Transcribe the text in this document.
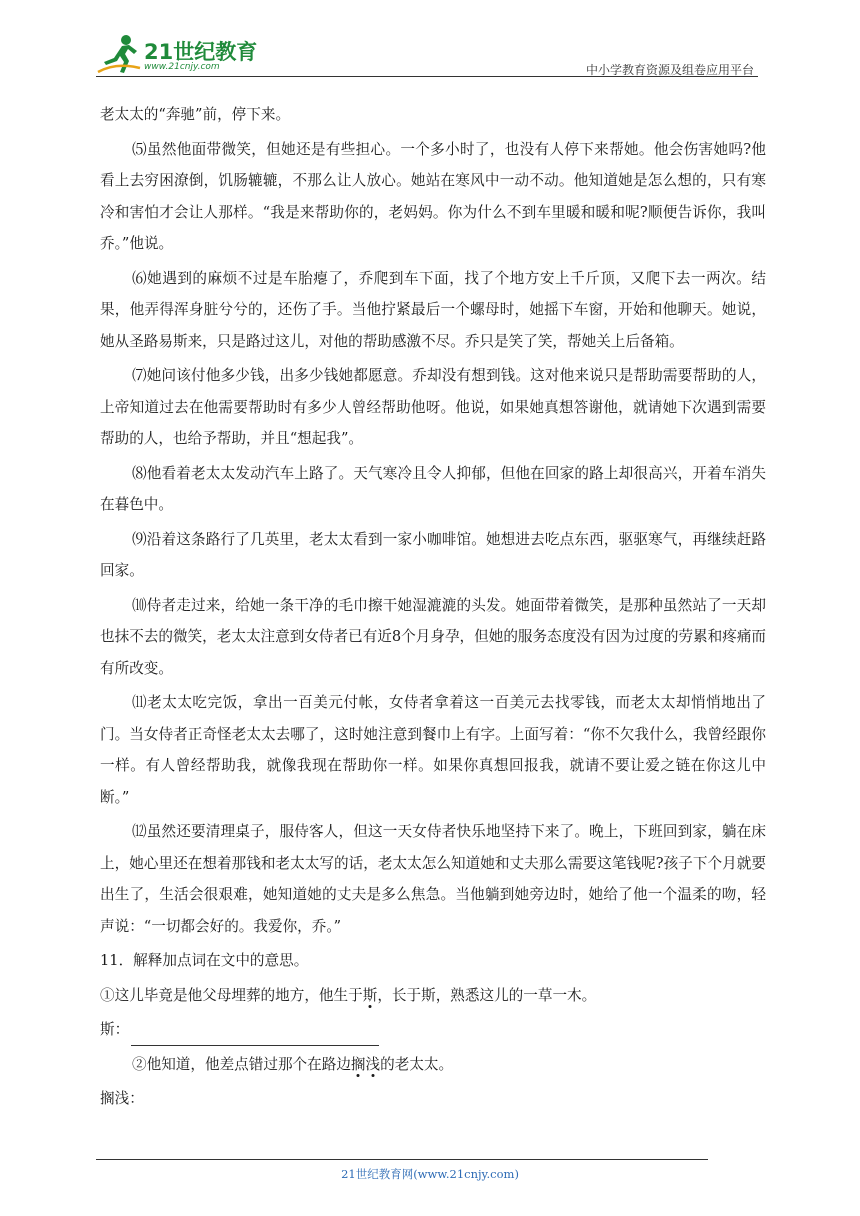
21世纪教育
www.21cnjy.com	中小学教育资源及组卷应用平台

老太太的“奔驰”前，停下来。

⑸虽然他面带微笑，但她还是有些担心。一个多小时了，也没有人停下来帮她。他会伤害她吗?他看上去穷困潦倒，饥肠辘辘，不那么让人放心。她站在寒风中一动不动。他知道她是怎么想的，只有寒冷和害怕才会让人那样。“我是来帮助你的，老妈妈。你为什么不到车里暖和暖和呢?顺便告诉你，我叫乔。”他说。

⑹她遇到的麻烦不过是车胎瘪了，乔爬到车下面，找了个地方安上千斤顶，又爬下去一两次。结果，他弄得浑身脏兮兮的，还伤了手。当他拧紧最后一个螺母时，她摇下车窗，开始和他聊天。她说，她从圣路易斯来，只是路过这儿，对他的帮助感激不尽。乔只是笑了笑，帮她关上后备箱。

⑺她问该付他多少钱，出多少钱她都愿意。乔却没有想到钱。这对他来说只是帮助需要帮助的人，上帝知道过去在他需要帮助时有多少人曾经帮助他呀。他说，如果她真想答谢他，就请她下次遇到需要帮助的人，也给予帮助，并且“想起我”。

⑻他看着老太太发动汽车上路了。天气寒冷且令人抑郁，但他在回家的路上却很高兴，开着车消失在暮色中。

⑼沿着这条路行了几英里，老太太看到一家小咖啡馆。她想进去吃点东西，驱驱寒气，再继续赶路回家。

⑽侍者走过来，给她一条干净的毛巾擦干她湿漉漉的头发。她面带着微笑，是那种虽然站了一天却也抹不去的微笑，老太太注意到女侍者已有近8个月身孕，但她的服务态度没有因为过度的劳累和疼痛而有所改变。

⑾老太太吃完饭，拿出一百美元付帐，女侍者拿着这一百美元去找零钱，而老太太却悄悄地出了门。当女侍者正奇怪老太太去哪了，这时她注意到餐巾上有字。上面写着：“你不欠我什么，我曾经跟你一样。有人曾经帮助我，就像我现在帮助你一样。如果你真想回报我，就请不要让爱之链在你这儿中断。”

⑿虽然还要清理桌子，服侍客人，但这一天女侍者快乐地坚持下来了。晚上，下班回到家，躺在床上，她心里还在想着那钱和老太太写的话，老太太怎么知道她和丈夫那么需要这笔钱呢?孩子下个月就要出生了，生活会很艰难，她知道她的丈夫是多么焦急。当他躺到她旁边时，她给了他一个温柔的吻，轻声说：“一切都会好的。我爱你，乔。”

11．解释加点词在文中的意思。

①这儿毕竟是他父母埋葬的地方，他生于斯，长于斯，熟悉这儿的一草一木。

斯：

②他知道，他差点错过那个在路边搁浅的老太太。

搁浅：

21世纪教育网(www.21cnjy.com)
